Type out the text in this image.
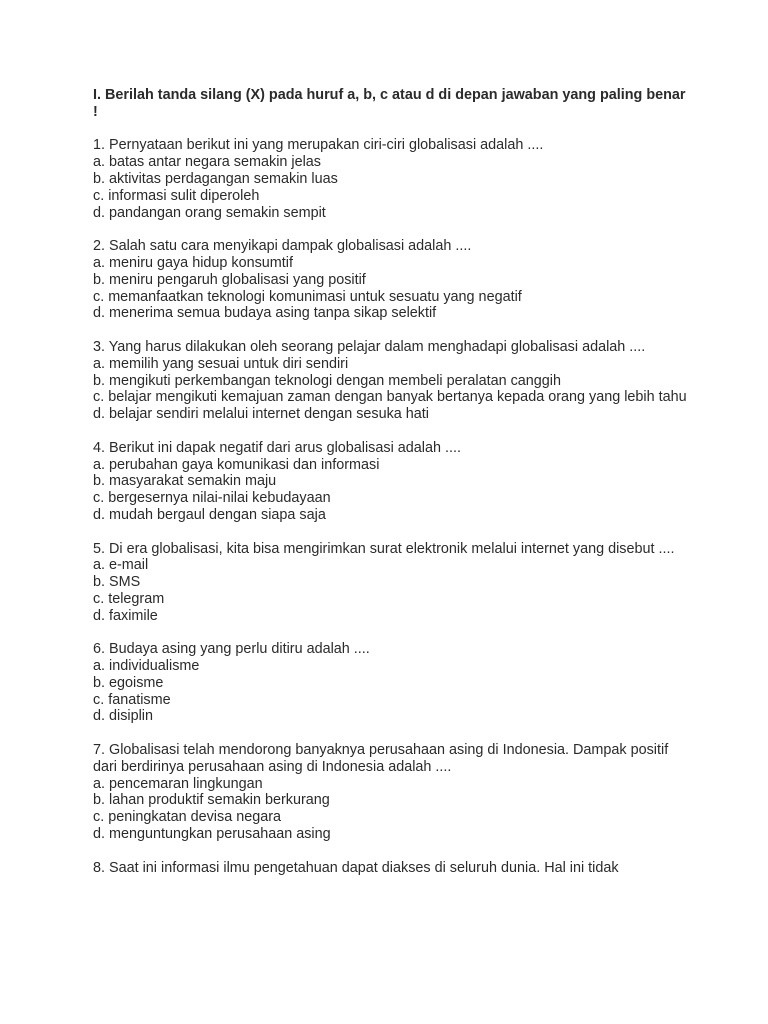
I. Berilah tanda silang (X) pada huruf a, b, c atau d di depan jawaban yang paling benar !

1. Pernyataan berikut ini yang merupakan ciri-ciri globalisasi adalah ....
a. batas antar negara semakin jelas
b. aktivitas perdagangan semakin luas
c. informasi sulit diperoleh
d. pandangan orang semakin sempit
2. Salah satu cara menyikapi dampak globalisasi adalah ....
a. meniru gaya hidup konsumtif
b. meniru pengaruh globalisasi yang positif
c. memanfaatkan teknologi komunimasi untuk sesuatu yang negatif
d. menerima semua budaya asing tanpa sikap selektif
3. Yang harus dilakukan oleh seorang pelajar dalam menghadapi globalisasi adalah ....
a. memilih yang sesuai untuk diri sendiri
b. mengikuti perkembangan teknologi dengan membeli peralatan canggih
c. belajar mengikuti kemajuan zaman dengan banyak bertanya kepada orang yang lebih tahu
d. belajar sendiri melalui internet dengan sesuka hati
4. Berikut ini dapak negatif dari arus globalisasi adalah ....
a. perubahan gaya komunikasi dan informasi
b. masyarakat semakin maju
c. bergesernya nilai-nilai kebudayaan
d. mudah bergaul dengan siapa saja
5. Di era globalisasi, kita bisa mengirimkan surat elektronik melalui internet yang disebut ....
a. e-mail
b. SMS
c. telegram
d. faximile
6. Budaya asing yang perlu ditiru adalah ....
a. individualisme
b. egoisme
c. fanatisme
d. disiplin
7. Globalisasi telah mendorong banyaknya perusahaan asing di Indonesia. Dampak positif dari berdirinya perusahaan asing di Indonesia adalah ....
a. pencemaran lingkungan
b. lahan produktif semakin berkurang
c. peningkatan devisa negara
d. menguntungkan perusahaan asing
8. Saat ini informasi ilmu pengetahuan dapat diakses di seluruh dunia. Hal ini tidak
